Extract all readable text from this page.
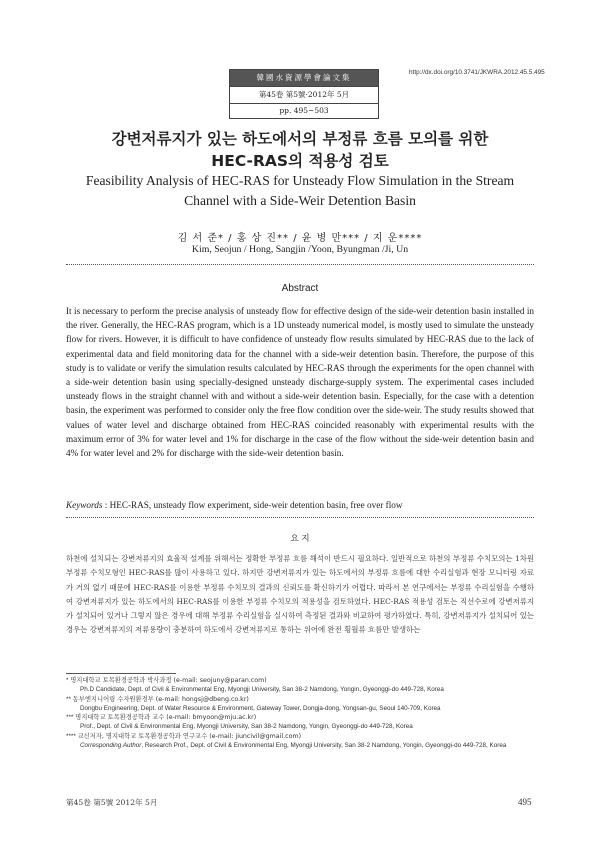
韓國水資源學會論文集
第45卷 第5號·2012年 5月
pp. 495~503
http://dx.doi.org/10.3741/JKWRA.2012.45.5.495
강변저류지가 있는 하도에서의 부정류 흐름 모의를 위한
HEC-RAS의 적용성 검토
Feasibility Analysis of HEC-RAS for Unsteady Flow Simulation in the Stream
Channel with a Side-Weir Detention Basin
김 서 준* / 홍 상 진** / 윤 병 만*** / 지 운****
Kim, Seojun / Hong, Sangjin /Yoon, Byungman /Ji, Un
Abstract
It is necessary to perform the precise analysis of unsteady flow for effective design of the side-weir detention basin installed in the river. Generally, the HEC-RAS program, which is a 1D unsteady numerical model, is mostly used to simulate the unsteady flow for rivers. However, it is difficult to have confidence of unsteady flow results simulated by HEC-RAS due to the lack of experimental data and field monitoring data for the channel with a side-weir detention basin. Therefore, the purpose of this study is to validate or verify the simulation results calculated by HEC-RAS through the experiments for the open channel with a side-weir detention basin using specially-designed unsteady discharge-supply system. The experimental cases included unsteady flows in the straight channel with and without a side-weir detention basin. Especially, for the case with a detention basin, the experiment was performed to consider only the free flow condition over the side-weir. The study results showed that values of water level and discharge obtained from HEC-RAS coincided reasonably with experimental results with the maximum error of 3% for water level and 1% for discharge in the case of the flow without the side-weir detention basin and 4% for water level and 2% for discharge with the side-weir detention basin.
Keywords : HEC-RAS, unsteady flow experiment, side-weir detention basin, free over flow
요 지
하천에 설치되는 강변저류지의 효율적 설계를 위해서는 정확한 부정류 흐름 해석이 반드시 필요하다. 일반적으로 하천의 부정류 수치모의는 1차원 부정류 수치모형인 HEC-RAS를 많이 사용하고 있다. 하지만 강변저류지가 있는 하도에서의 부정류 흐름에 대한 수리실험과 현장 모니터링 자료가 거의 없기 때문에 HEC-RAS를 이용한 부정류 수치모의 결과의 신뢰도를 확신하기가 어렵다. 따라서 본 연구에서는 부정류 수리실험을 수행하여 강변저류지가 있는 하도에서의 HEC-RAS를 이용한 부정류 수치모의 적용성을 검토하였다. HEC-RAS 적용성 검토는 직선수로에 강변저류지가 설치되어 있거나 그렇지 않은 경우에 대해 부정류 수리실험을 실시하여 측정된 결과와 비교하여 평가하였다. 특히, 강변저류지가 설치되어 있는 경우는 강변저류지의 저류용량이 충분하여 하도에서 강변저류지로 통하는 위어에 완전 횡월류 흐름만 발생하는

* 명지대학교 토목환경공학과 박사과정 (e-mail: seojuny@paran.com)
Ph.D Candidate, Dept. of Civil & Environmental Eng, Myongji University, San 38-2 Namdong, Yongin, Gyeonggi-do 449-728, Korea

** 동부엔지니어링 수자원환경부 (e-mail: hongsj@dbeng.co.kr)
Dongbu Engineering, Dept. of Water Resource & Environment, Gateway Tower, Dongja-dong, Yongsan-gu, Seoul 140-709, Korea

*** 명지대학교 토목환경공학과 교수 (e-mail: bmyoon@mju.ac.kr)
Prof., Dept. of Civil & Environmental Eng, Myongji University, San 38-2 Namdong, Yongin, Gyeonggi-do 449-728, Korea

**** 교신저자, 명지대학교 토목환경공학과 연구교수 (e-mail: jiuncivil@gmail.com)
Corresponding Author, Research Prof., Dept. of Civil & Environmental Eng, Myongji University, San 38-2 Namdong, Yongin, Gyeonggi-do 449-728, Korea

第45卷 第5號 2012年 5月	495
